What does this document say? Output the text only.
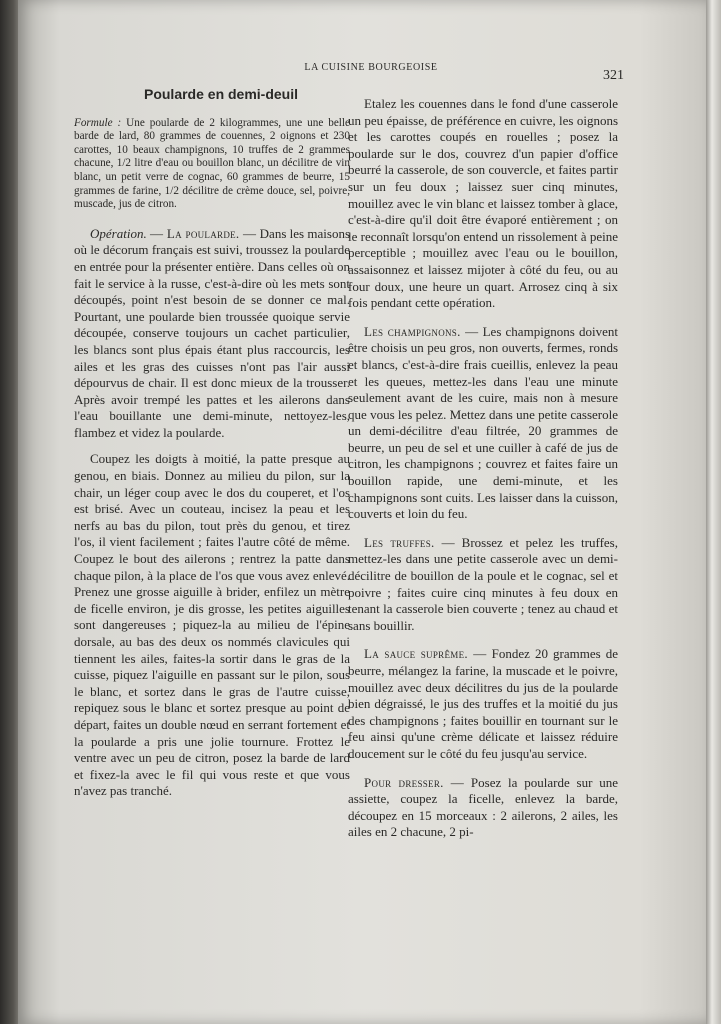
LA CUISINE BOURGEOISE
321
Poularde en demi-deuil
Formule : Une poularde de 2 kilogrammes, une une belle barde de lard, 80 grammes de couennes, 2 oignons et 230 carottes, 10 beaux champignons, 10 truffes de 2 grammes chacune, 1/2 litre d'eau ou bouillon blanc, un décilitre de vin blanc, un petit verre de cognac, 60 grammes de beurre, 15 grammes de farine, 1/2 décilitre de crème douce, sel, poivre, muscade, jus de citron.

Opération. — La poularde. — Dans les maisons où le décorum français est suivi, troussez la poularde en entrée pour la présenter entière. Dans celles où on fait le service à la russe, c'est-à-dire où les mets sont découpés, point n'est besoin de se donner ce mal. Pourtant, une poularde bien troussée quoique servie découpée, conserve toujours un cachet particulier, les blancs sont plus épais étant plus raccourcis, les ailes et les gras des cuisses n'ont pas l'air aussi dépourvus de chair. Il est donc mieux de la trousser. Après avoir trempé les pattes et les ailerons dans l'eau bouillante une demi-minute, nettoyez-les, flambez et videz la poularde.

Coupez les doigts à moitié, la patte presque au genou, en biais. Donnez au milieu du pilon, sur la chair, un léger coup avec le dos du couperet, et l'os est brisé. Avec un couteau, incisez la peau et les nerfs au bas du pilon, tout près du genou, et tirez l'os, il vient facilement ; faites l'autre côté de même. Coupez le bout des ailerons ; rentrez la patte dans chaque pilon, à la place de l'os que vous avez enlevé. Prenez une grosse aiguille à brider, enfilez un mètre de ficelle environ, je dis grosse, les petites aiguilles sont dangereuses ; piquez-la au milieu de l'épine dorsale, au bas des deux os nommés clavicules qui tiennent les ailes, faites-la sortir dans le gras de la cuisse, piquez l'aiguille en passant sur le pilon, sous le blanc, et sortez dans le gras de l'autre cuisse, repiquez sous le blanc et sortez presque au point de départ, faites un double nœud en serrant fortement et la poularde a pris une jolie tournure. Frottez le ventre avec un peu de citron, posez la barde de lard et fixez-la avec le fil qui vous reste et que vous n'avez pas tranché.

Etalez les couennes dans le fond d'une casserole un peu épaisse, de préférence en cuivre, les oignons et les carottes coupés en rouelles ; posez la poularde sur le dos, couvrez d'un papier d'office beurré la casserole, de son couvercle, et faites partir sur un feu doux ; laissez suer cinq minutes, mouillez avec le vin blanc et laissez tomber à glace, c'est-à-dire qu'il doit être évaporé entièrement ; on le reconnaît lorsqu'on entend un rissolement à peine perceptible ; mouillez avec l'eau ou le bouillon, assaisonnez et laissez mijoter à côté du feu, ou au four doux, une heure un quart. Arrosez cinq à six fois pendant cette opération.

Les champignons. — Les champignons doivent être choisis un peu gros, non ouverts, fermes, ronds et blancs, c'est-à-dire frais cueillis, enlevez la peau et les queues, mettez-les dans l'eau une minute seulement avant de les cuire, mais non à mesure que vous les pelez. Mettez dans une petite casserole un demi-décilitre d'eau filtrée, 20 grammes de beurre, un peu de sel et une cuiller à café de jus de citron, les champignons ; couvrez et faites faire un bouillon rapide, une demi-minute, et les champignons sont cuits. Les laisser dans la cuisson, couverts et loin du feu.

Les truffes. — Brossez et pelez les truffes, mettez-les dans une petite casserole avec un demi-décilitre de bouillon de la poule et le cognac, sel et poivre ; faites cuire cinq minutes à feu doux en tenant la casserole bien couverte ; tenez au chaud et sans bouillir.

La sauce suprême. — Fondez 20 grammes de beurre, mélangez la farine, la muscade et le poivre, mouillez avec deux décilitres du jus de la poularde bien dégraissé, le jus des truffes et la moitié du jus des champignons ; faites bouillir en tournant sur le feu ainsi qu'une crème délicate et laissez réduire doucement sur le côté du feu jusqu'au service.

Pour dresser. — Posez la poularde sur une assiette, coupez la ficelle, enlevez la barde, découpez en 15 morceaux : 2 ailerons, 2 ailes, les ailes en 2 chacune, 2 pi-
